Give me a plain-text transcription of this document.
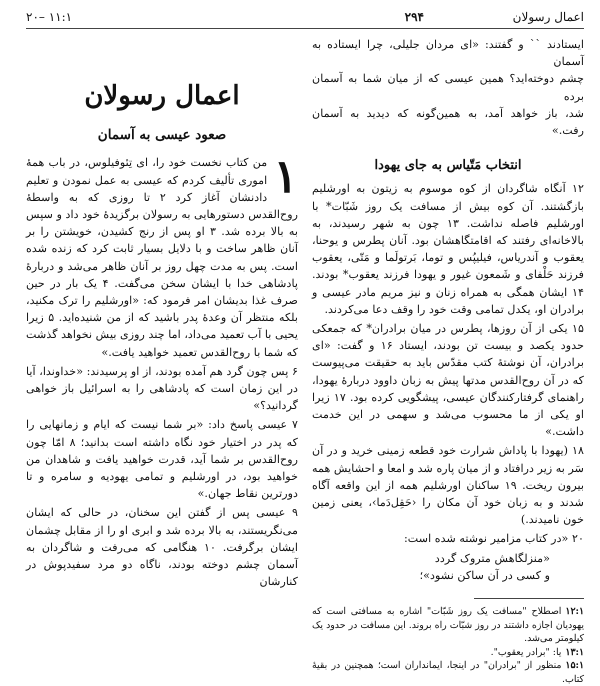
اعمال رسولان
۲۹۴
۱۱:۱ –۲۰

ایستادند `` و گفتند: «ای مردان جلیلی، چرا ایستاده به آسمان

چشم دوخته‌اید؟ همین عیسی که از میان شما به آسمان برده

شد، باز خواهد آمد، به همین‌گونه که دیدید به آسمان رفت.»

انتخاب مَتّیاس به جای یهودا

۱۲ آنگاه شاگردان از کوه موسوم به زیتون به اورشلیم بازگشتند. آن کوه بیش از مسافت یک روز شَبّات* با اورشلیم فاصله نداشت. ۱۳ چون به شهر رسیدند، به بالاخانه‌ای رفتند که اقامتگاهشان بود. آنان پطرس و یوحنا، یعقوب و آندریاس، فیلیپُس و توما، بَرتولَما و مَتّی، یعقوب فرزند حَلْفای و شَمعون غیور و یهودا فرزند یعقوب* بودند. ۱۴ ایشان همگی به همراه زنان و نیز مریم مادر عیسی و برادران او، یکدل تمامی وقت خود را وقف دعا می‌کردند.

۱۵ یکی از آن روزها، پطرس در میان برادران* که جمعکی حدود یکصد و بیست تن بودند، ایستاد ۱۶ و گفت: «ای برادران، آن نوشتهٔ کتب مقدّس باید به حقیقت می‌پیوست که در آن روح‌القدس مدتها پیش به زبان داوود دربارهٔ یهودا، راهنمای گرفتارکنندگان عیسی، پیشگویی کرده بود. ۱۷ زیرا او یکی از ما محسوب می‌شد و سهمی در این خدمت داشت.»

۱۸ (یهودا با پاداش شرارت خود قطعه زمینی خرید و در آن سَر به زیر درافتاد و از میان پاره شد و امعا و احشایش همه بیرون ریخت. ۱۹ ساکنان اورشلیم همه از این واقعه آگاه شدند و به زبان خود آن مکان را ‹حَقِل‌دَما›، یعنی زمین خون نامیدند.)

۲۰ «در کتاب مزامیر نوشته شده است:

«منزلگاهش متروک گردد

و کسی در آن ساکن نشود»؛

۱۲:۱اصطلاح "مسافت یک روز شَبّات" اشاره به مسافتی است که یهودیان اجازه داشتند در روز شبّات راه بروند. این مسافت در حدود یک کیلومتر می‌شد.

۱۳:۱یا: "برادر یعقوب".

۱۵:۱منظور از "برادران" در اینجا، ایمانداران است؛ همچنین در بقیهٔ کتاب.

اعمال رسولان
صعود عیسی به آسمان

۱
من کتاب نخست خود را، ای تِئوفیلوس، در باب همهٔ اموری تألیف کردم که عیسی به عمل نمودن و تعلیم دادنشان آغاز کرد ۲ تا روزی که به واسطهٔ روح‌القدس دستورهایی به رسولان برگزیدهٔ خود داد و سپس به بالا برده شد. ۳ او پس از رنج کشیدن، خویشتن را بر آنان ظاهر ساخت و با دلایل بسیار ثابت کرد که زنده شده است. پس به مدت چهل روز بر آنان ظاهر می‌شد و دربارهٔ پادشاهی خدا با ایشان سخن می‌گفت. ۴ یک بار در حین صرف غذا بدیشان امر فرمود که: «اورشلیم را ترک مکنید، بلکه منتظر آن وعدهٔ پدر باشید که از من شنیده‌اید. ۵ زیرا یحیی با آب تعمید می‌داد، اما چند روزی بیش نخواهد گذشت که شما با روح‌القدس تعمید خواهید یافت.»

۶ پس چون گرد هم آمده بودند، از او پرسیدند: «خداوندا، آیا در این زمان است که پادشاهی را به اسرائیل باز خواهی گردانید؟»

۷ عیسی پاسخ داد: «بر شما نیست که ایام و زمانهایی را که پدر در اختیار خود نگاه داشته است بدانید؛ ۸ امّا چون روح‌القدس بر شما آید، قدرت خواهید یافت و شاهدان من خواهید بود، در اورشلیم و تمامی یهودیه و سامره و تا دورترین نقاط جهان.»

۹ عیسی پس از گفتن این سخنان، در حالی که ایشان می‌نگریستند، به بالا برده شد و ابری او را از مقابل چشمان ایشان برگرفت. ۱۰ هنگامی که می‌رفت و شاگردان به آسمان چشم دوخته بودند، ناگاه دو مرد سفیدپوش در کنارشان
